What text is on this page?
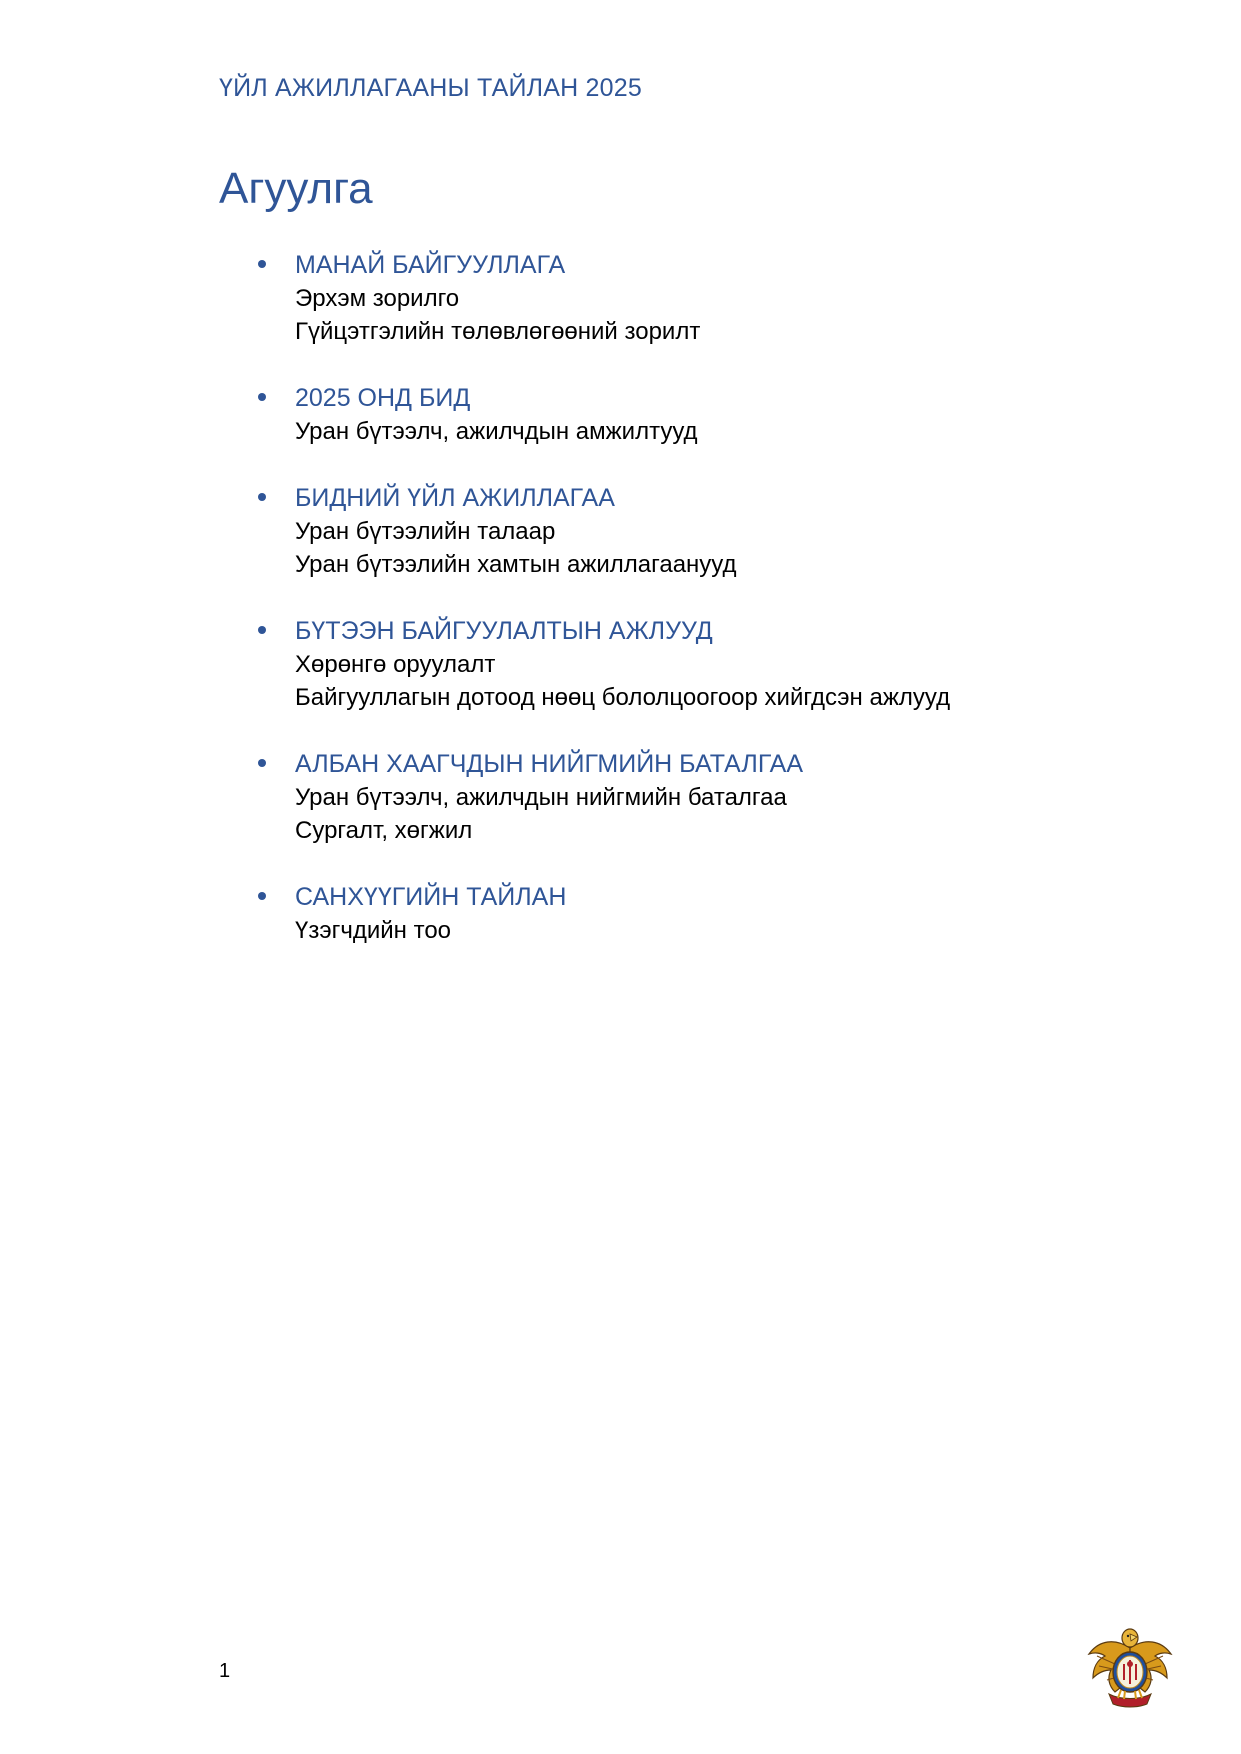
ҮЙЛ АЖИЛЛАГААНЫ ТАЙЛАН 2025
Агуулга
МАНАЙ БАЙГУУЛЛАГА
Эрхэм зорилго
Гүйцэтгэлийн төлөвлөгөөний зорилт
2025 ОНД БИД
Уран бүтээлч, ажилчдын амжилтууд
БИДНИЙ ҮЙЛ АЖИЛЛАГАА
Уран бүтээлийн талаар
Уран бүтээлийн хамтын ажиллагаанууд
БҮТЭЭН БАЙГУУЛАЛТЫН АЖЛУУД
Хөрөнгө оруулалт
Байгууллагын дотоод нөөц бололцоогоор хийгдсэн ажлууд
АЛБАН ХААГЧДЫН НИЙГМИЙН БАТАЛГАА
Уран бүтээлч, ажилчдын нийгмийн баталгаа
Сургалт, хөгжил
САНХҮҮГИЙН ТАЙЛАН
Үзэгчдийн тоо
1
